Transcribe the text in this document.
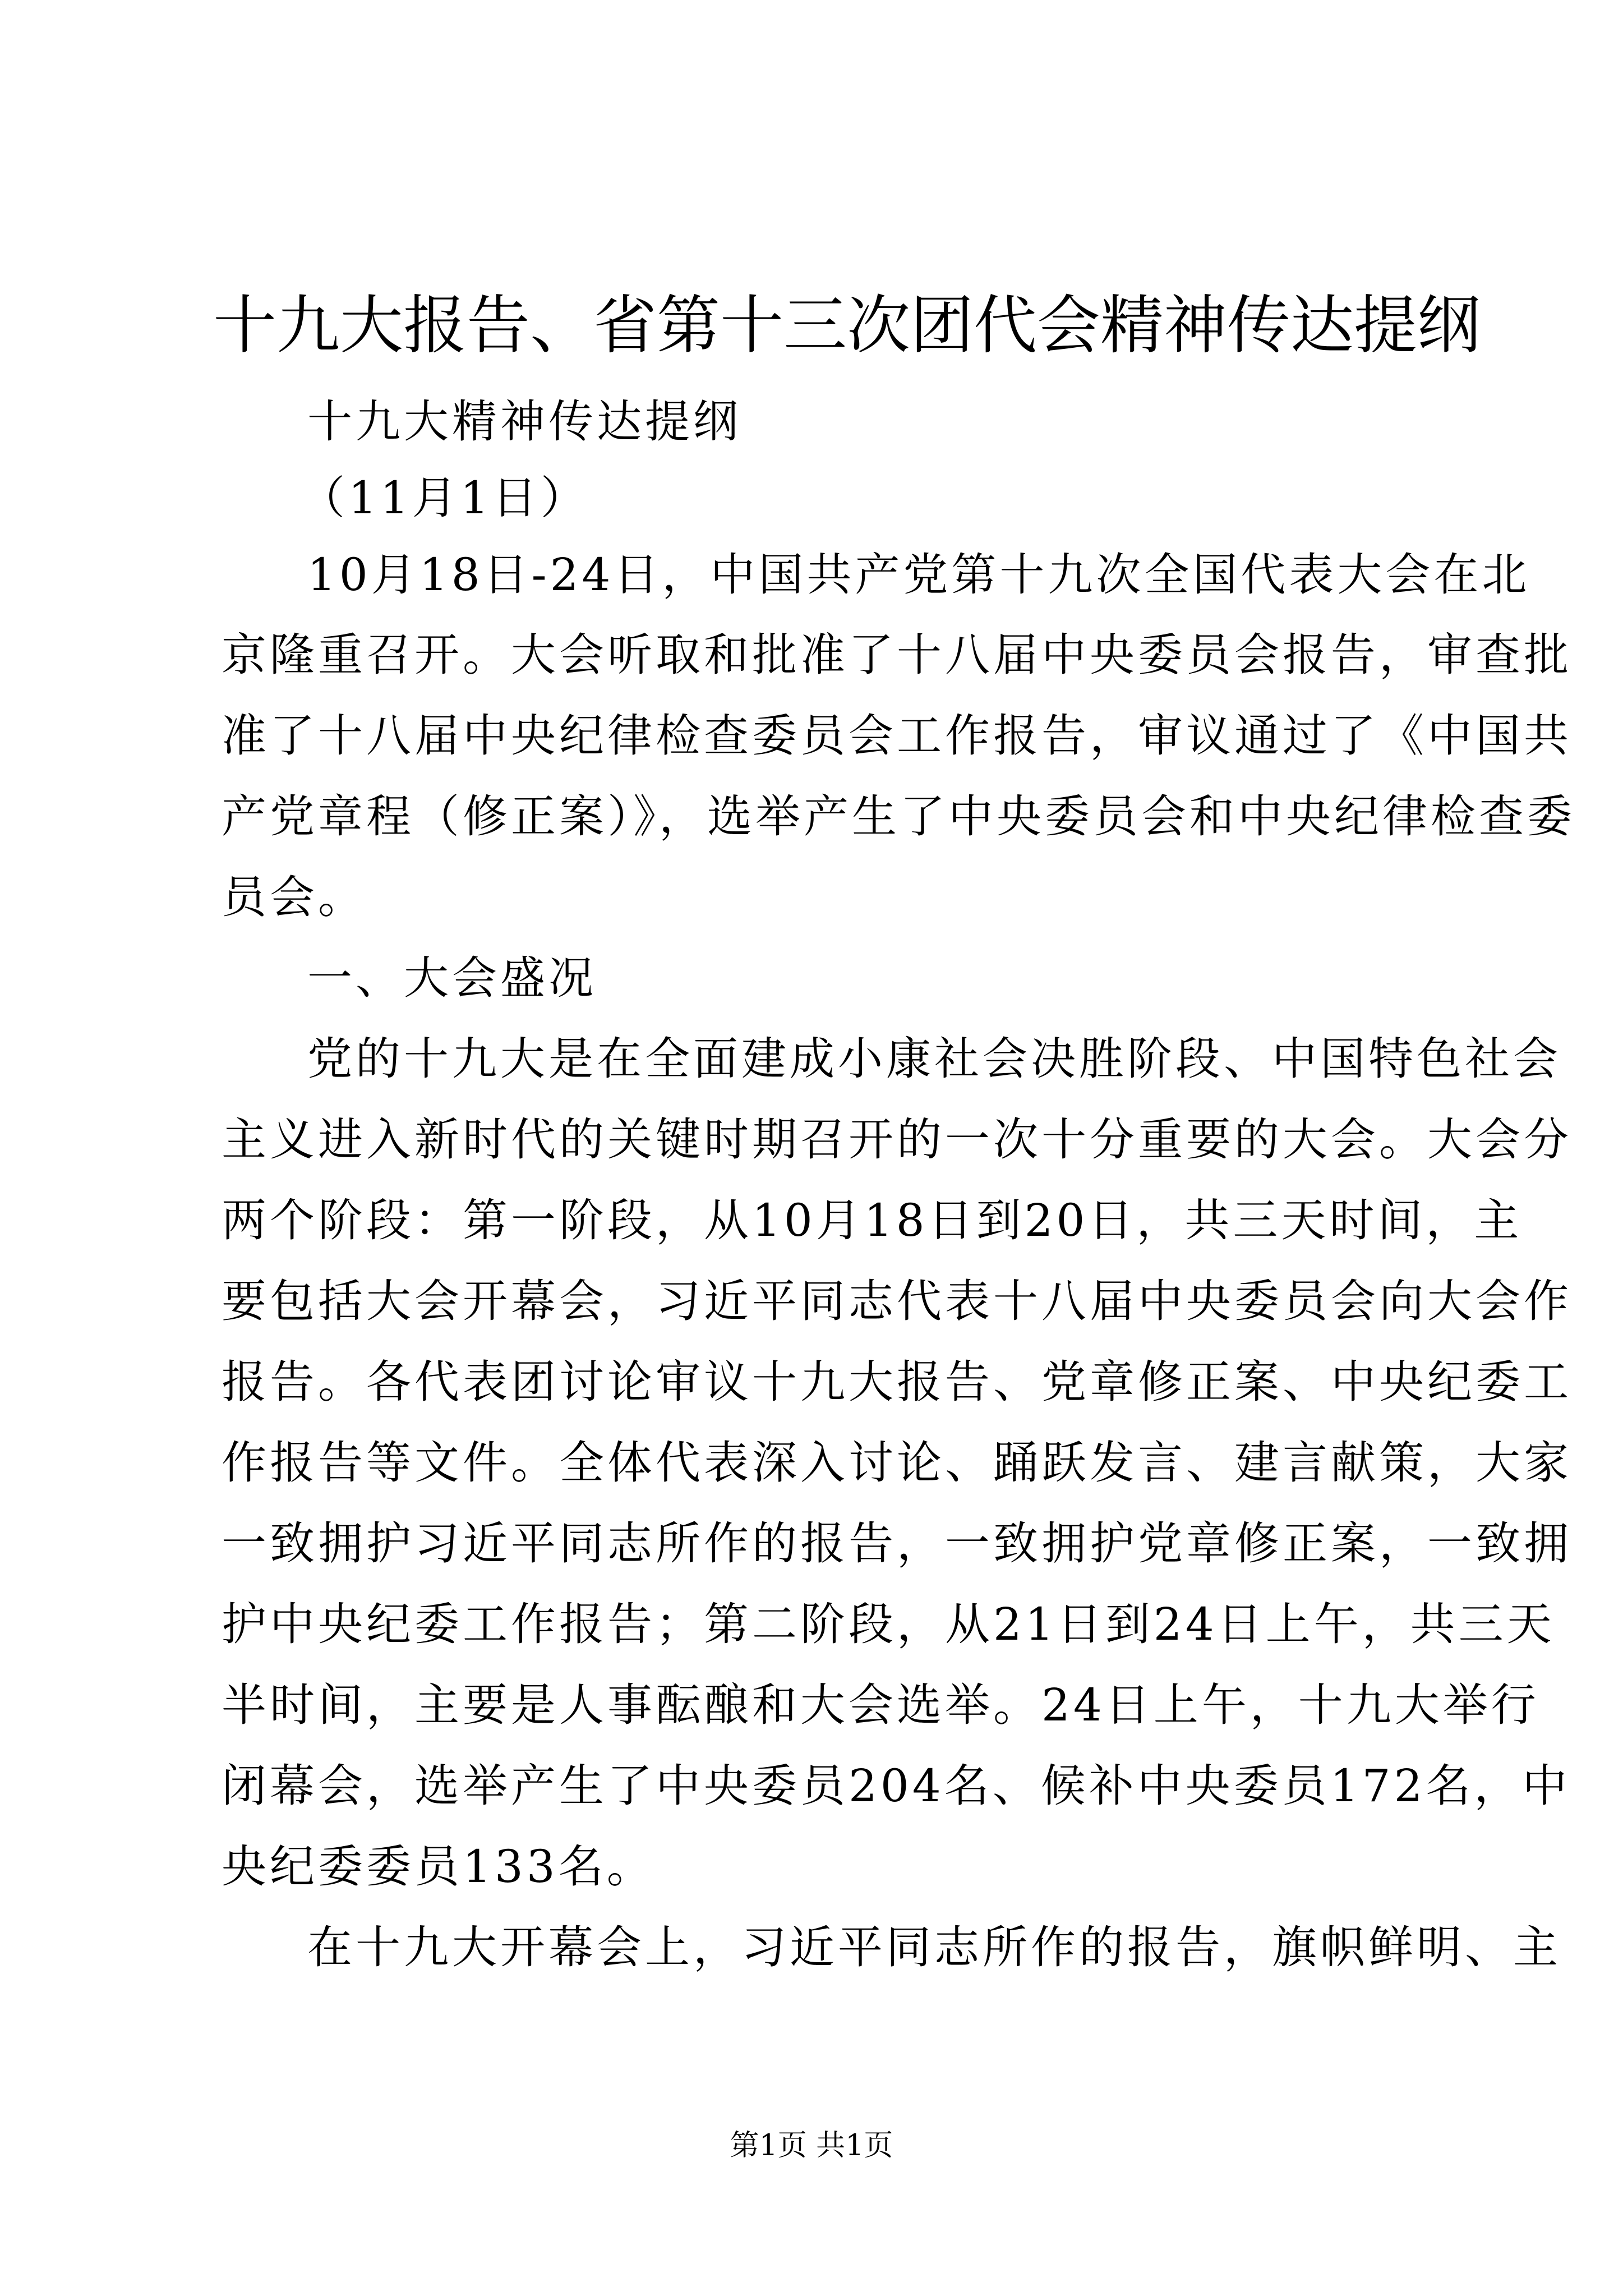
十九大报告、省第十三次团代会精神传达提纲
十九大精神传达提纲
（11月1日）
10月18日-24日，中国共产党第十九次全国代表大会在北
京隆重召开。大会听取和批准了十八届中央委员会报告，审查批
准了十八届中央纪律检查委员会工作报告，审议通过了《中国共
产党章程（修正案）》，选举产生了中央委员会和中央纪律检查委
员会。
一、大会盛况
党的十九大是在全面建成小康社会决胜阶段、中国特色社会
主义进入新时代的关键时期召开的一次十分重要的大会。大会分
两个阶段：第一阶段，从10月18日到20日，共三天时间，主
要包括大会开幕会，习近平同志代表十八届中央委员会向大会作
报告。各代表团讨论审议十九大报告、党章修正案、中央纪委工
作报告等文件。全体代表深入讨论、踊跃发言、建言献策，大家
一致拥护习近平同志所作的报告，一致拥护党章修正案，一致拥
护中央纪委工作报告；第二阶段，从21日到24日上午，共三天
半时间，主要是人事酝酿和大会选举。24日上午，十九大举行
闭幕会，选举产生了中央委员204名、候补中央委员172名，中
央纪委委员133名。
在十九大开幕会上，习近平同志所作的报告，旗帜鲜明、主
第1页 共1页
